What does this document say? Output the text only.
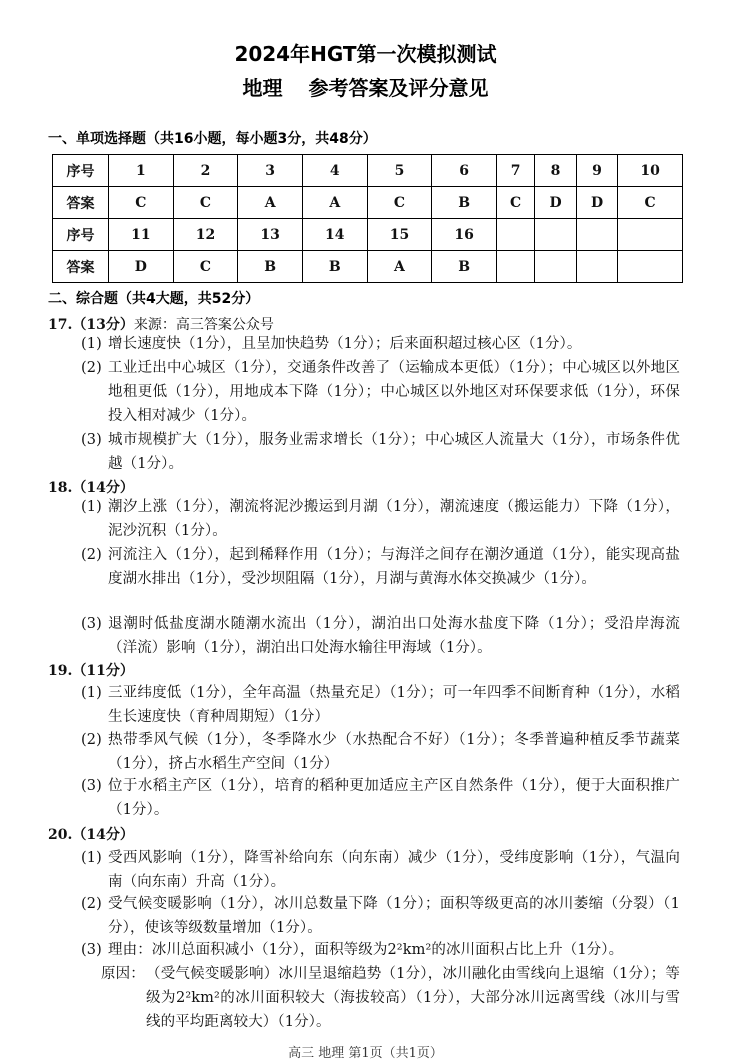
2024年HGT第一次模拟测试
地理 参考答案及评分意见
一、单项选择题（共16小题，每小题3分，共48分）
序号	1	2	3	4	5	6	7	8	9	10
答案	C	C	A	A	C	B	C	D	D	C
序号	11	12	13	14	15	16				
答案	D	C	B	B	A	B				
二、综合题（共4大题，共52分）
17.（13分）来源：高三答案公众号
(1) 增长速度快（1分），且呈加快趋势（1分）；后来面积超过核心区（1分）。
(2) 工业迁出中心城区（1分），交通条件改善了（运输成本更低）（1分）；中心城区以外地区地租更低（1分），用地成本下降（1分）；中心城区以外地区对环保要求低（1分），环保投入相对减少（1分）。
(3) 城市规模扩大（1分），服务业需求增长（1分）；中心城区人流量大（1分），市场条件优越（1分）。
18.（14分）
(1) 潮汐上涨（1分），潮流将泥沙搬运到月湖（1分），潮流速度（搬运能力）下降（1分），泥沙沉积（1分）。
(2) 河流注入（1分），起到稀释作用（1分）；与海洋之间存在潮汐通道（1分），能实现高盐度湖水排出（1分），受沙坝阻隔（1分），月湖与黄海水体交换减少（1分）。
(3) 退潮时低盐度湖水随潮水流出（1分），湖泊出口处海水盐度下降（1分）；受沿岸海流（洋流）影响（1分），湖泊出口处海水输往甲海域（1分）。
19.（11分）
(1) 三亚纬度低（1分），全年高温（热量充足）（1分）；可一年四季不间断育种（1分），水稻生长速度快（育种周期短）（1分）
(2) 热带季风气候（1分），冬季降水少（水热配合不好）（1分）；冬季普遍种植反季节蔬菜（1分），挤占水稻生产空间（1分）
(3) 位于水稻主产区（1分），培育的稻种更加适应主产区自然条件（1分），便于大面积推广（1分）。
20.（14分）
(1) 受西风影响（1分），降雪补给向东（向东南）减少（1分），受纬度影响（1分），气温向南（向东南）升高（1分）。
(2) 受气候变暖影响（1分），冰川总数量下降（1分）；面积等级更高的冰川萎缩（分裂）（1分），使该等级数量增加（1分）。
(3) 理由：冰川总面积减小（1分），面积等级为2²km²的冰川面积占比上升（1分）。
原因： （受气候变暖影响）冰川呈退缩趋势（1分），冰川融化由雪线向上退缩（1分）；等级为2²km²的冰川面积较大（海拔较高）（1分），大部分冰川远离雪线（冰川与雪线的平均距离较大）（1分）。
高三 地理 第1页（共1页）
